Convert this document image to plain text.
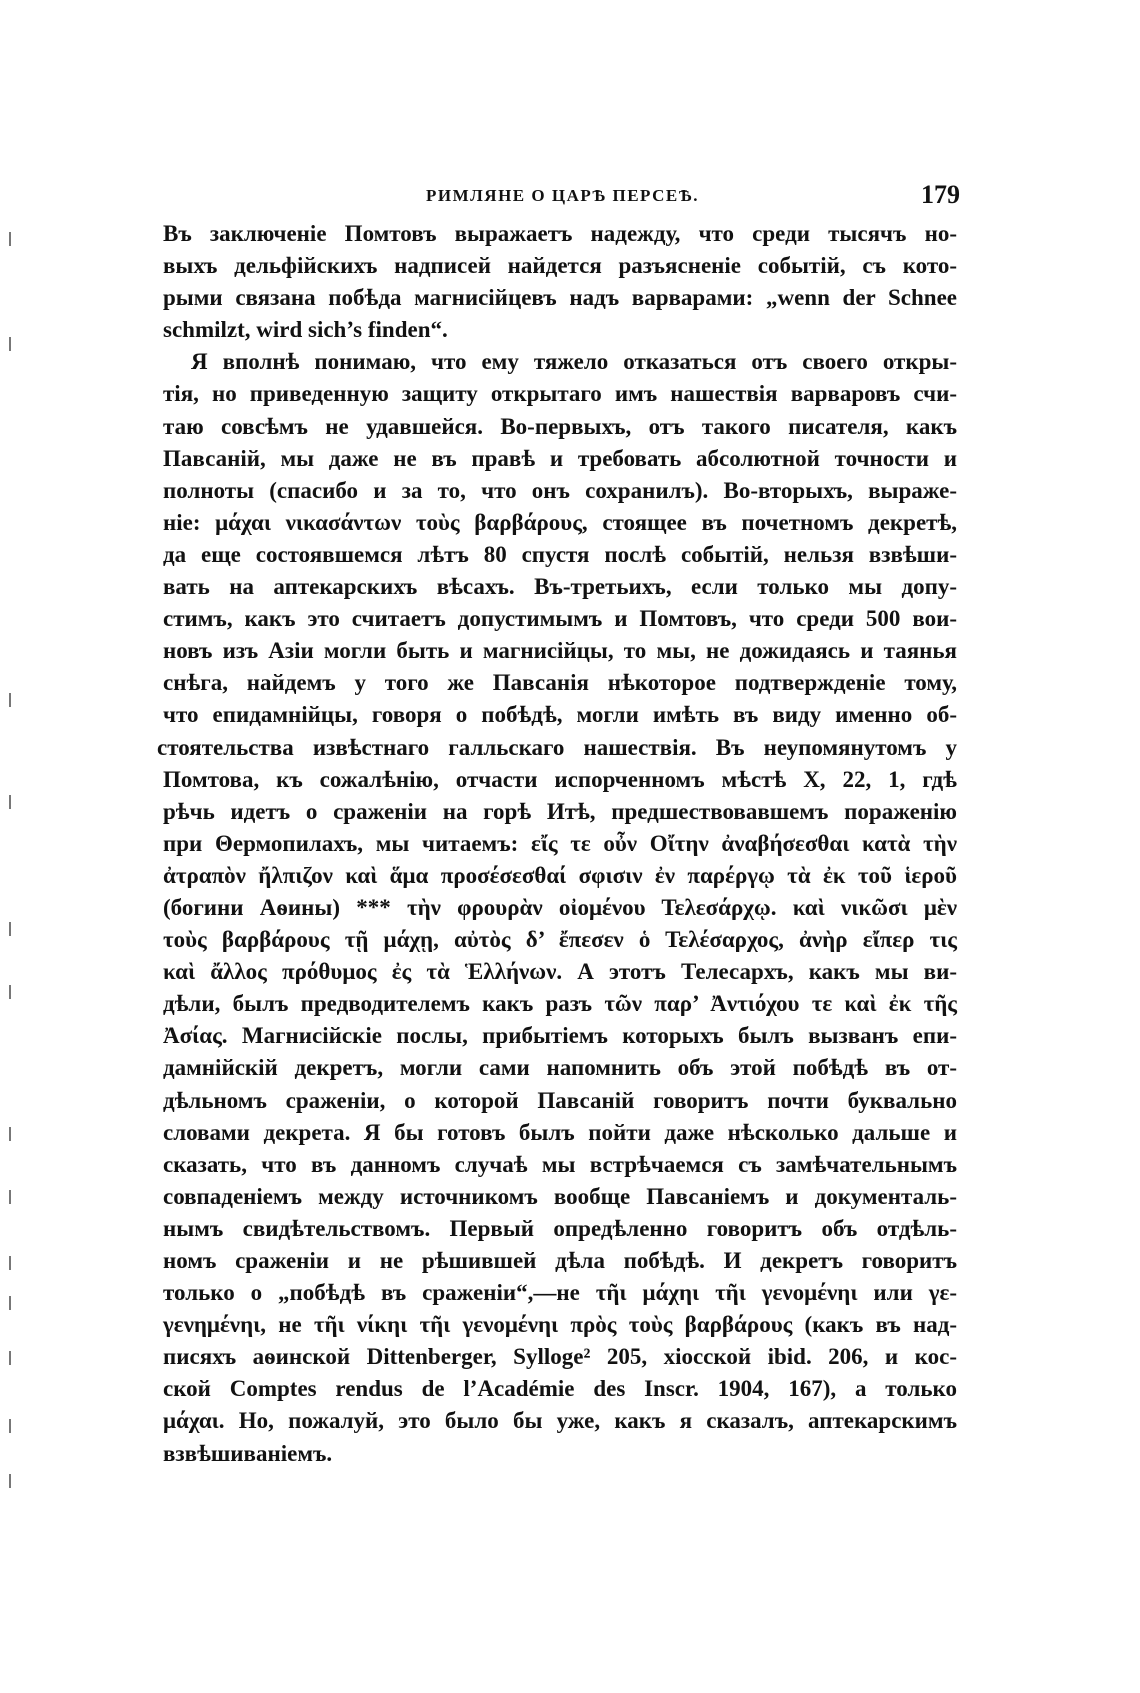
РИМЛЯНЕ О ЦАРѢ ПЕРСЕѢ.	179
Въ заключеніе Помтовъ выражаетъ надежду, что среди тысячъ но-
выхъ дельфійскихъ надписей найдется разъясненіе событій, съ кото-
рыми связана побѣда магнисійцевъ надъ варварами: „wenn der Schnee
schmilzt, wird sich’s finden“.
Я вполнѣ понимаю, что ему тяжело отказаться отъ своего откры-
тія, но приведенную защиту открытаго имъ нашествія варваровъ счи-
таю совсѣмъ не удавшейся. Во-первыхъ, отъ такого писателя, какъ
Павсаній, мы даже не въ правѣ и требовать абсолютной точности и
полноты (спасибо и за то, что онъ сохранилъ). Во-вторыхъ, выраже-
ніе: μάχαι νικασάντων τοὺς βαρβάρους, стоящее въ почетномъ декретѣ,
да еще состоявшемся лѣтъ 80 спустя послѣ событій, нельзя взвѣши-
вать на аптекарскихъ вѣсахъ. Въ-третьихъ, если только мы допу-
стимъ, какъ это считаетъ допустимымъ и Помтовъ, что среди 500 вои-
новъ изъ Азіи могли быть и магнисійцы, то мы, не дожидаясь и таянья
снѣга, найдемъ у того же Павсанія нѣкоторое подтвержденіе тому,
что епидамнійцы, говоря о побѣдѣ, могли имѣть въ виду именно об-
стоятельства извѣстнаго галльскаго нашествія. Въ неупомянутомъ у
Помтова, къ сожалѣнію, отчасти испорченномъ мѣстѣ X, 22, 1, гдѣ
рѣчь идетъ о сраженіи на горѣ Итѣ, предшествовавшемъ пораженію
при Θермопилахъ, мы читаемъ: εἴς τε οὖν Οἴτην ἀναβήσεσθαι κατὰ τὴν
ἀτραπὸν ἤλπιζον καὶ ἅμα προσέσεσθαί σφισιν ἐν παρέργῳ τὰ ἐκ τοῦ ἱεροῦ
(богини Аѳины) *** τὴν φρουρὰν οἰομένου Τελεσάρχῳ. καὶ νικῶσι μὲν
τοὺς βαρβάρους τῇ μάχῃ, αὐτὸς δ’ ἔπεσεν ὁ Τελέσαρχος, ἀνὴρ εἴπερ τις
καὶ ἄλλος πρόθυμος ἐς τὰ Ἑλλήνων. А этотъ Телесархъ, какъ мы ви-
дѣли, былъ предводителемъ какъ разъ τῶν παρ’ Ἀντιόχου τε καὶ ἐκ τῆς
Ἀσίας. Магнисійскіе послы, прибытіемъ которыхъ былъ вызванъ епи-
дамнійскій декретъ, могли сами напомнить объ этой побѣдѣ въ от-
дѣльномъ сраженіи, о которой Павсаній говоритъ почти буквально
словами декрета. Я бы готовъ былъ пойти даже нѣсколько дальше и
сказать, что въ данномъ случаѣ мы встрѣчаемся съ замѣчательнымъ
совпаденіемъ между источникомъ вообще Павсаніемъ и документаль-
нымъ свидѣтельствомъ. Первый опредѣленно говоритъ объ отдѣль-
номъ сраженіи и не рѣшившей дѣла побѣдѣ. И декретъ говоритъ
только о „побѣдѣ въ сраженіи“,—не τῆι μάχηι τῆι γενομένηι или γε-
γενημένηι, не τῆι νίκηι τῆι γενομένηι πρὸς τοὺς βαρβάρους (какъ въ над-
писяхъ аѳинской Dittenberger, Sylloge² 205, хіосской ibid. 206, и кос-
ской Comptes rendus de l’Académie des Inscr. 1904, 167), а только
μάχαι. Но, пожалуй, это было бы уже, какъ я сказалъ, аптекарскимъ
взвѣшиваніемъ.
